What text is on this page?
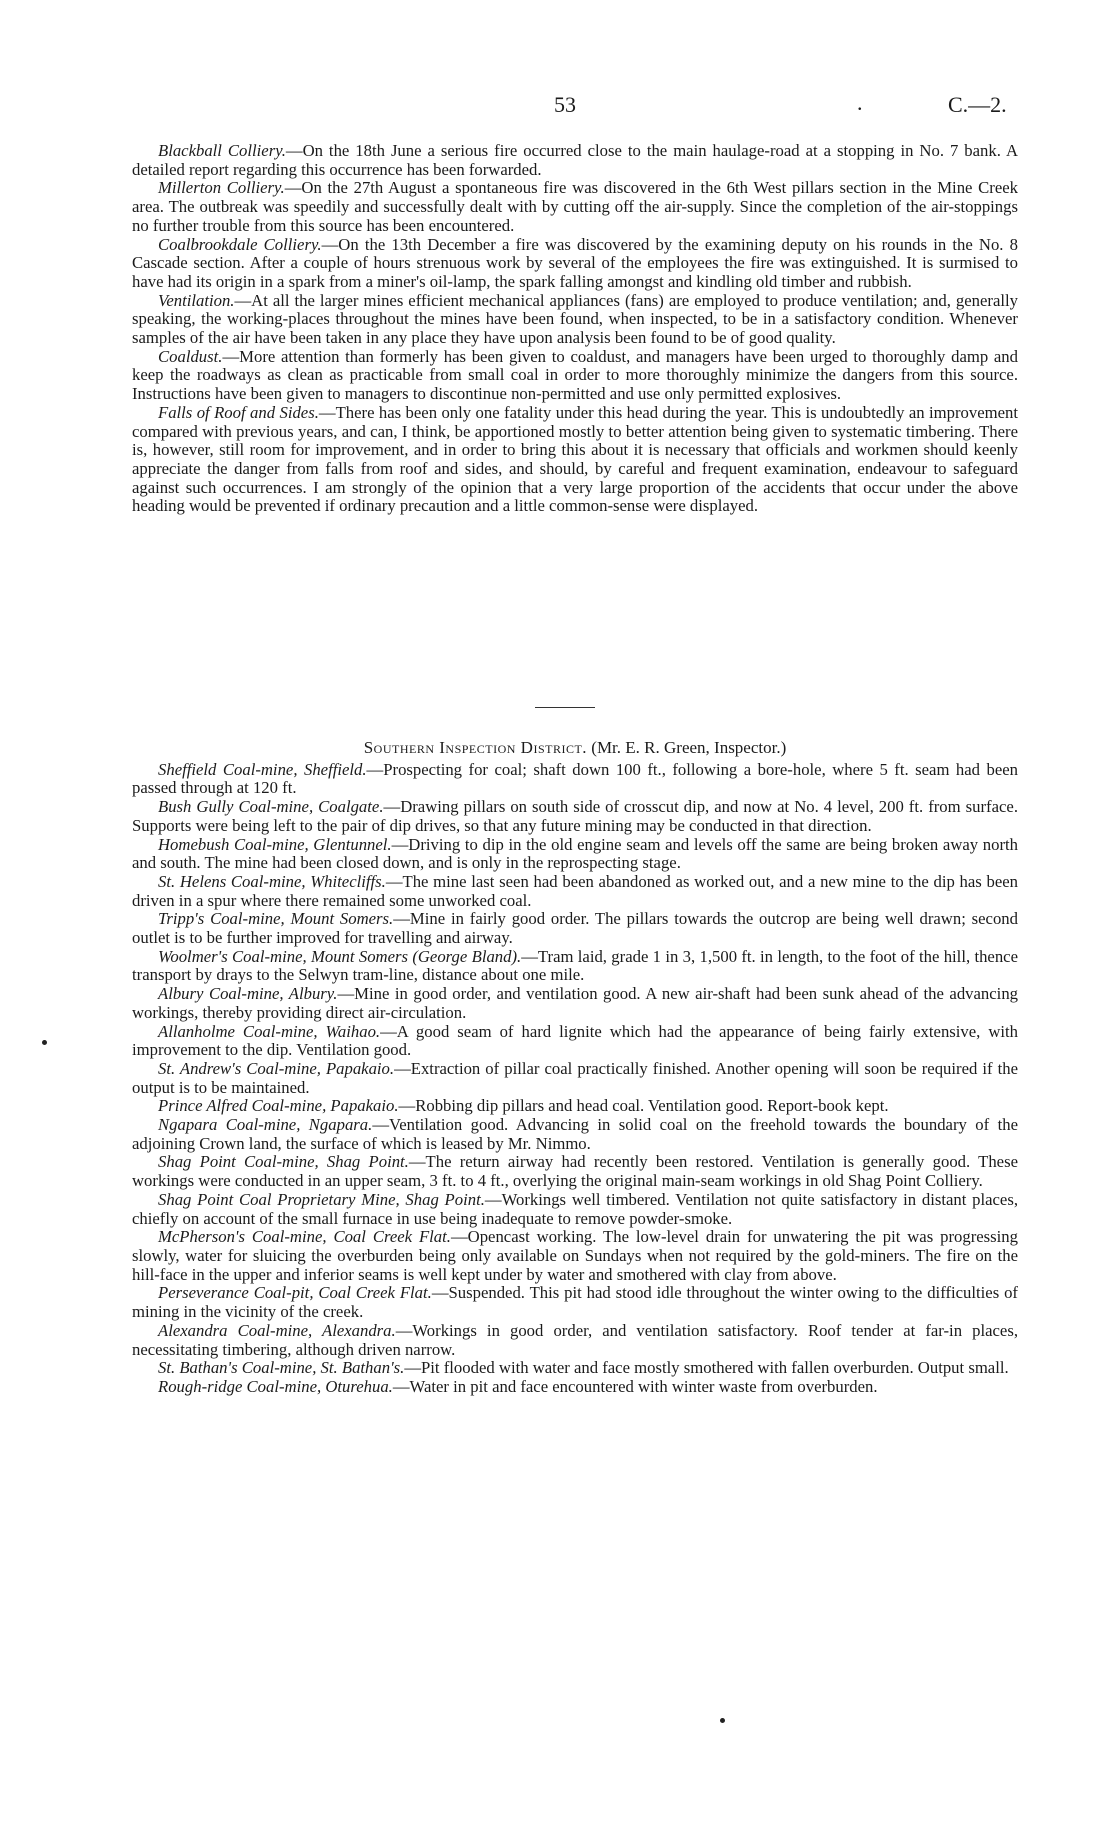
53	.	C.—2.

Blackball Colliery.—On the 18th June a serious fire occurred close to the main haulage-road at a stopping in No. 7 bank. A detailed report regarding this occurrence has been forwarded.

Millerton Colliery.—On the 27th August a spontaneous fire was discovered in the 6th West pillars section in the Mine Creek area. The outbreak was speedily and successfully dealt with by cutting off the air-supply. Since the completion of the air-stoppings no further trouble from this source has been encountered.

Coalbrookdale Colliery.—On the 13th December a fire was discovered by the examining deputy on his rounds in the No. 8 Cascade section. After a couple of hours strenuous work by several of the employees the fire was extinguished. It is surmised to have had its origin in a spark from a miner's oil-lamp, the spark falling amongst and kindling old timber and rubbish.

Ventilation.—At all the larger mines efficient mechanical appliances (fans) are employed to produce ventilation; and, generally speaking, the working-places throughout the mines have been found, when inspected, to be in a satisfactory condition. Whenever samples of the air have been taken in any place they have upon analysis been found to be of good quality.

Coaldust.—More attention than formerly has been given to coaldust, and managers have been urged to thoroughly damp and keep the roadways as clean as practicable from small coal in order to more thoroughly minimize the dangers from this source. Instructions have been given to managers to discontinue non-permitted and use only permitted explosives.

Falls of Roof and Sides.—There has been only one fatality under this head during the year. This is undoubtedly an improvement compared with previous years, and can, I think, be apportioned mostly to better attention being given to systematic timbering. There is, however, still room for improvement, and in order to bring this about it is necessary that officials and workmen should keenly appreciate the danger from falls from roof and sides, and should, by careful and frequent examination, endeavour to safeguard against such occurrences. I am strongly of the opinion that a very large proportion of the accidents that occur under the above heading would be prevented if ordinary precaution and a little common-sense were displayed.

Southern Inspection District. (Mr. E. R. Green, Inspector.)

Sheffield Coal-mine, Sheffield.—Prospecting for coal; shaft down 100 ft., following a bore-hole, where 5 ft. seam had been passed through at 120 ft.

Bush Gully Coal-mine, Coalgate.—Drawing pillars on south side of crosscut dip, and now at No. 4 level, 200 ft. from surface. Supports were being left to the pair of dip drives, so that any future mining may be conducted in that direction.

Homebush Coal-mine, Glentunnel.—Driving to dip in the old engine seam and levels off the same are being broken away north and south. The mine had been closed down, and is only in the reprospecting stage.

St. Helens Coal-mine, Whitecliffs.—The mine last seen had been abandoned as worked out, and a new mine to the dip has been driven in a spur where there remained some unworked coal.

Tripp's Coal-mine, Mount Somers.—Mine in fairly good order. The pillars towards the outcrop are being well drawn; second outlet is to be further improved for travelling and airway.

Woolmer's Coal-mine, Mount Somers (George Bland).—Tram laid, grade 1 in 3, 1,500 ft. in length, to the foot of the hill, thence transport by drays to the Selwyn tram-line, distance about one mile.

Albury Coal-mine, Albury.—Mine in good order, and ventilation good. A new air-shaft had been sunk ahead of the advancing workings, thereby providing direct air-circulation.

Allanholme Coal-mine, Waihao.—A good seam of hard lignite which had the appearance of being fairly extensive, with improvement to the dip. Ventilation good.

St. Andrew's Coal-mine, Papakaio.—Extraction of pillar coal practically finished. Another opening will soon be required if the output is to be maintained.

Prince Alfred Coal-mine, Papakaio.—Robbing dip pillars and head coal. Ventilation good. Report-book kept.

Ngapara Coal-mine, Ngapara.—Ventilation good. Advancing in solid coal on the freehold towards the boundary of the adjoining Crown land, the surface of which is leased by Mr. Nimmo.

Shag Point Coal-mine, Shag Point.—The return airway had recently been restored. Ventilation is generally good. These workings were conducted in an upper seam, 3 ft. to 4 ft., overlying the original main-seam workings in old Shag Point Colliery.

Shag Point Coal Proprietary Mine, Shag Point.—Workings well timbered. Ventilation not quite satisfactory in distant places, chiefly on account of the small furnace in use being inadequate to remove powder-smoke.

McPherson's Coal-mine, Coal Creek Flat.—Opencast working. The low-level drain for unwatering the pit was progressing slowly, water for sluicing the overburden being only available on Sundays when not required by the gold-miners. The fire on the hill-face in the upper and inferior seams is well kept under by water and smothered with clay from above.

Perseverance Coal-pit, Coal Creek Flat.—Suspended. This pit had stood idle throughout the winter owing to the difficulties of mining in the vicinity of the creek.

Alexandra Coal-mine, Alexandra.—Workings in good order, and ventilation satisfactory. Roof tender at far-in places, necessitating timbering, although driven narrow.

St. Bathan's Coal-mine, St. Bathan's.—Pit flooded with water and face mostly smothered with fallen overburden. Output small.

Rough-ridge Coal-mine, Oturehua.—Water in pit and face encountered with winter waste from overburden.
